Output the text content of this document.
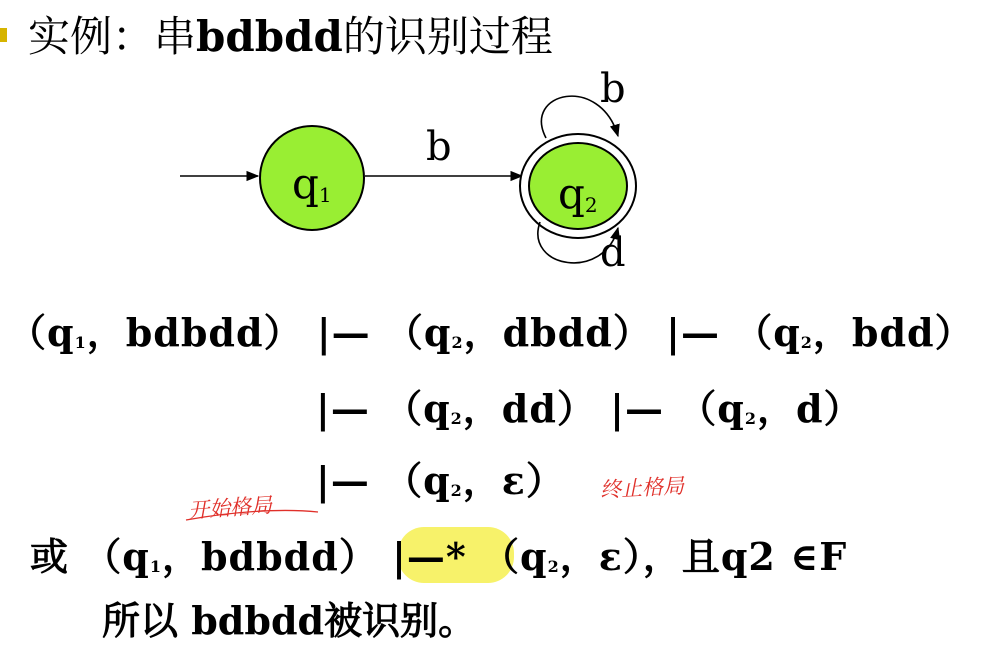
实例：串bdbdd的识别过程
q1
b
q2
b
d
（$q_1$，bdbdd） |— （$q_2$，dbdd） |— （$q_2$，bdd）
|— （$q_2$，dd） |— （$q_2$，d）
|— （$q_2$，ε）
开始格局
终止格局
或 （$q_1$，bdbdd） |—* （$q_2$，ε），且q2 ∈F
所以 bdbdd被识别。
